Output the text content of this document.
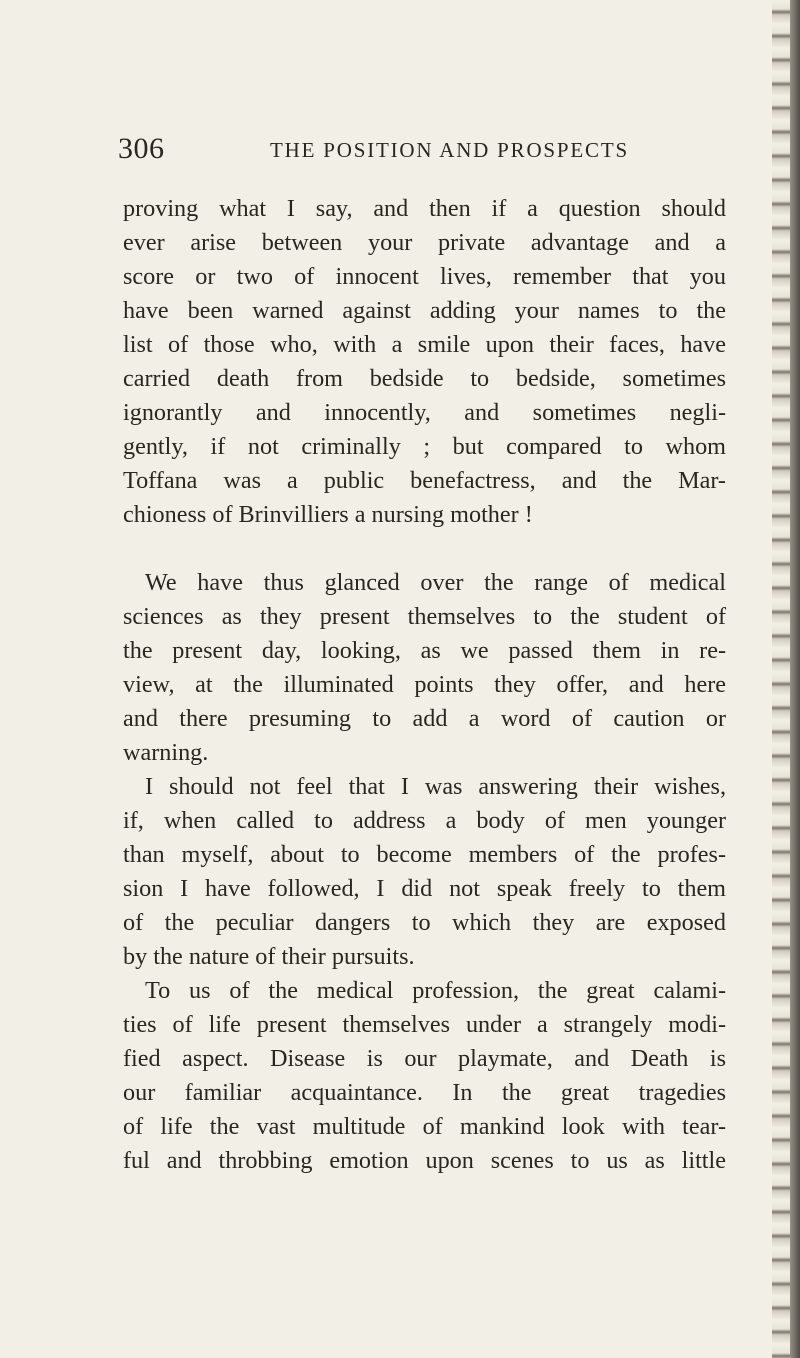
306	THE POSITION AND PROSPECTS

proving what I say, and then if a question should
ever arise between your private advantage and a
score or two of innocent lives, remember that you
have been warned against adding your names to the
list of those who, with a smile upon their faces, have
carried death from bedside to bedside, sometimes
ignorantly and innocently, and sometimes negli-
gently, if not criminally ; but compared to whom
Toffana was a public benefactress, and the Mar-
chioness of Brinvilliers a nursing mother !

We have thus glanced over the range of medical
sciences as they present themselves to the student of
the present day, looking, as we passed them in re-
view, at the illuminated points they offer, and here
and there presuming to add a word of caution or
warning.

I should not feel that I was answering their wishes,
if, when called to address a body of men younger
than myself, about to become members of the profes-
sion I have followed, I did not speak freely to them
of the peculiar dangers to which they are exposed
by the nature of their pursuits.

To us of the medical profession, the great calami-
ties of life present themselves under a strangely modi-
fied aspect. Disease is our playmate, and Death is
our familiar acquaintance. In the great tragedies
of life the vast multitude of mankind look with tear-
ful and throbbing emotion upon scenes to us as little
